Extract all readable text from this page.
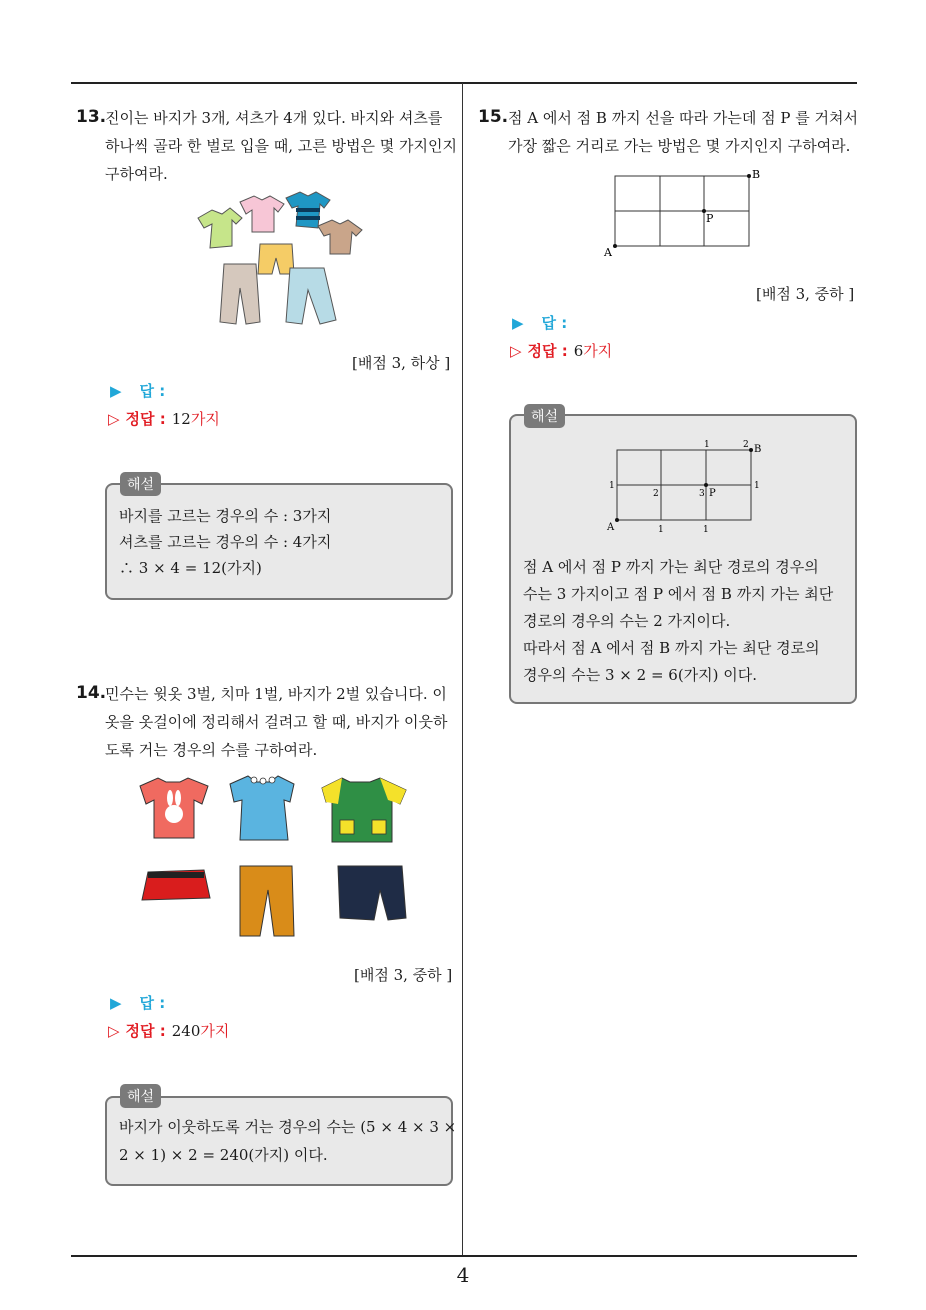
4
13.
진이는 바지가 3개, 셔츠가 4개 있다. 바지와 셔츠를
하나씩 골라 한 벌로 입을 때, 고른 방법은 몇 가지인지
구하여라.
[배점 3, 하상 ]
▶ 답 :
▷ 정답 : 12가지
바지를 고르는 경우의 수 : 3가지
셔츠를 고르는 경우의 수 : 4가지
∴ 3 × 4 = 12(가지)
해설
14.
민수는 윗옷 3벌, 치마 1벌, 바지가 2벌 있습니다. 이
옷을 옷걸이에 정리해서 걸려고 할 때, 바지가 이웃하
도록 거는 경우의 수를 구하여라.
[배점 3, 중하 ]
▶ 답 :
▷ 정답 : 240가지
바지가 이웃하도록 거는 경우의 수는 (5 × 4 × 3 ×
2 × 1) × 2 = 240(가지) 이다.
해설
15. 점 A 에서 점 B 까지 선을 따라 가는데 점 P 를 거쳐서
가장 짧은 거리로 가는 방법은 몇 가지인지 구하여라.
A
B
P
[배점 3, 중하 ]
▶ 답 :
▷ 정답 : 6가지
A
B
P
1	2
1
2	3
1
1	1
점 A 에서 점 P 까지 가는 최단 경로의 경우의
수는 3 가지이고 점 P 에서 점 B 까지 가는 최단
경로의 경우의 수는 2 가지이다.
따라서 점 A 에서 점 B 까지 가는 최단 경로의
경우의 수는 3 × 2 = 6(가지) 이다.
해설
